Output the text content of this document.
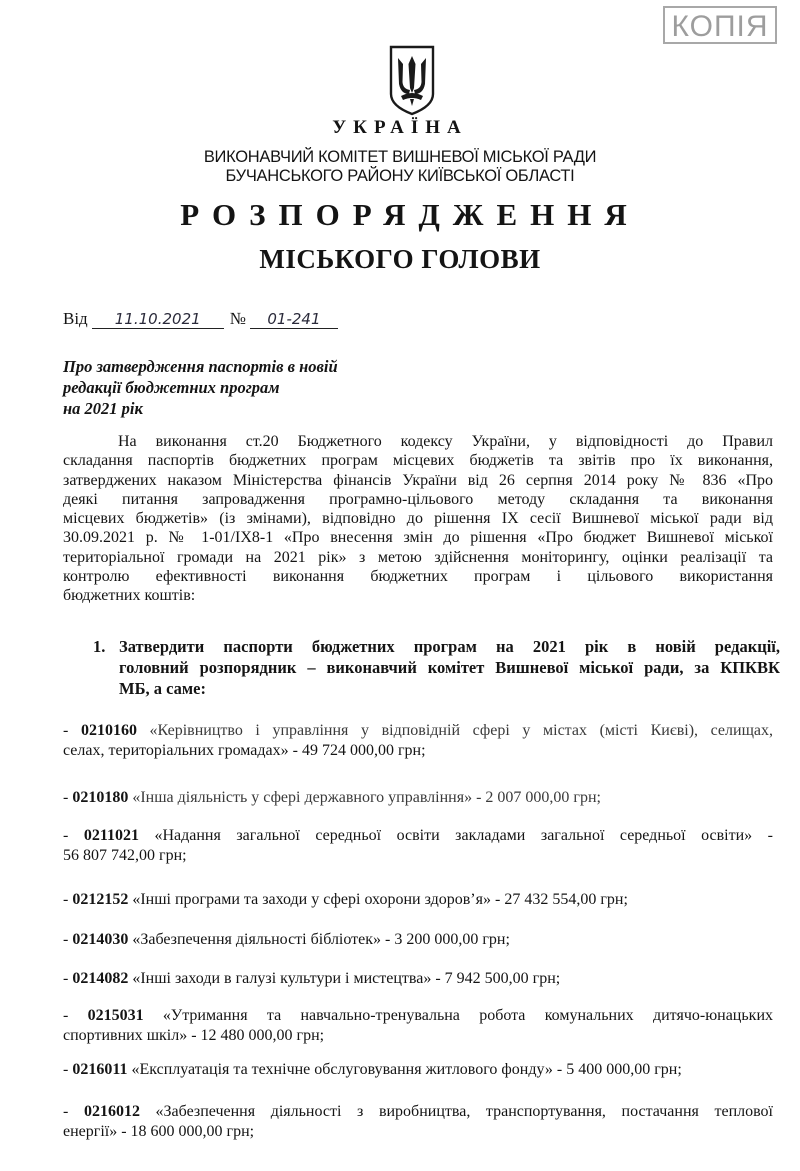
КОПІЯ
УКРАЇНА
ВИКОНАВЧИЙ КОМІТЕТ ВИШНЕВОЇ МІСЬКОЇ РАДИ
БУЧАНСЬКОГО РАЙОНУ КИЇВСЬКОЇ ОБЛАСТІ
РОЗПОРЯДЖЕННЯ
МІСЬКОГО ГОЛОВИ
Від 11.10.2021 № 01-241
Про затвердження паспортів в новій
редакції бюджетних програм
на 2021 рік
На виконання ст.20 Бюджетного кодексу України, у відповідності до Правил
складання паспортів бюджетних програм місцевих бюджетів та звітів про їх виконання,
затверджених наказом Міністерства фінансів України від 26 серпня 2014 року № 836 «Про
деякі питання запровадження програмно-цільового методу складання та виконання
місцевих бюджетів» (із змінами), відповідно до рішення IX сесії Вишневої міської ради від
30.09.2021 р. № 1-01/IX8-1 «Про внесення змін до рішення «Про бюджет Вишневої міської
територіальної громади на 2021 рік» з метою здійснення моніторингу, оцінки реалізації та
контролю ефективності виконання бюджетних програм і цільового використання
бюджетних коштів:
1. Затвердити паспорти бюджетних програм на 2021 рік в новій редакції,
головний розпорядник – виконавчий комітет Вишневої міської ради, за КПКВК
МБ, а саме:
- 0210160 «Керівництво і управління у відповідній сфері у містах (місті Києві), селищах,
селах, територіальних громадах» - 49 724 000,00 грн;
- 0210180 «Інша діяльність у сфері державного управління» - 2 007 000,00 грн;
- 0211021 «Надання загальної середньої освіти закладами загальної середньої освіти» -
56 807 742,00 грн;
- 0212152 «Інші програми та заходи у сфері охорони здоров’я» - 27 432 554,00 грн;
- 0214030 «Забезпечення діяльності бібліотек» - 3 200 000,00 грн;
- 0214082 «Інші заходи в галузі культури і мистецтва» - 7 942 500,00 грн;
- 0215031 «Утримання та навчально-тренувальна робота комунальних дитячо-юнацьких
спортивних шкіл» - 12 480 000,00 грн;
- 0216011 «Експлуатація та технічне обслуговування житлового фонду» - 5 400 000,00 грн;
- 0216012 «Забезпечення діяльності з виробництва, транспортування, постачання теплової
енергії» - 18 600 000,00 грн;
